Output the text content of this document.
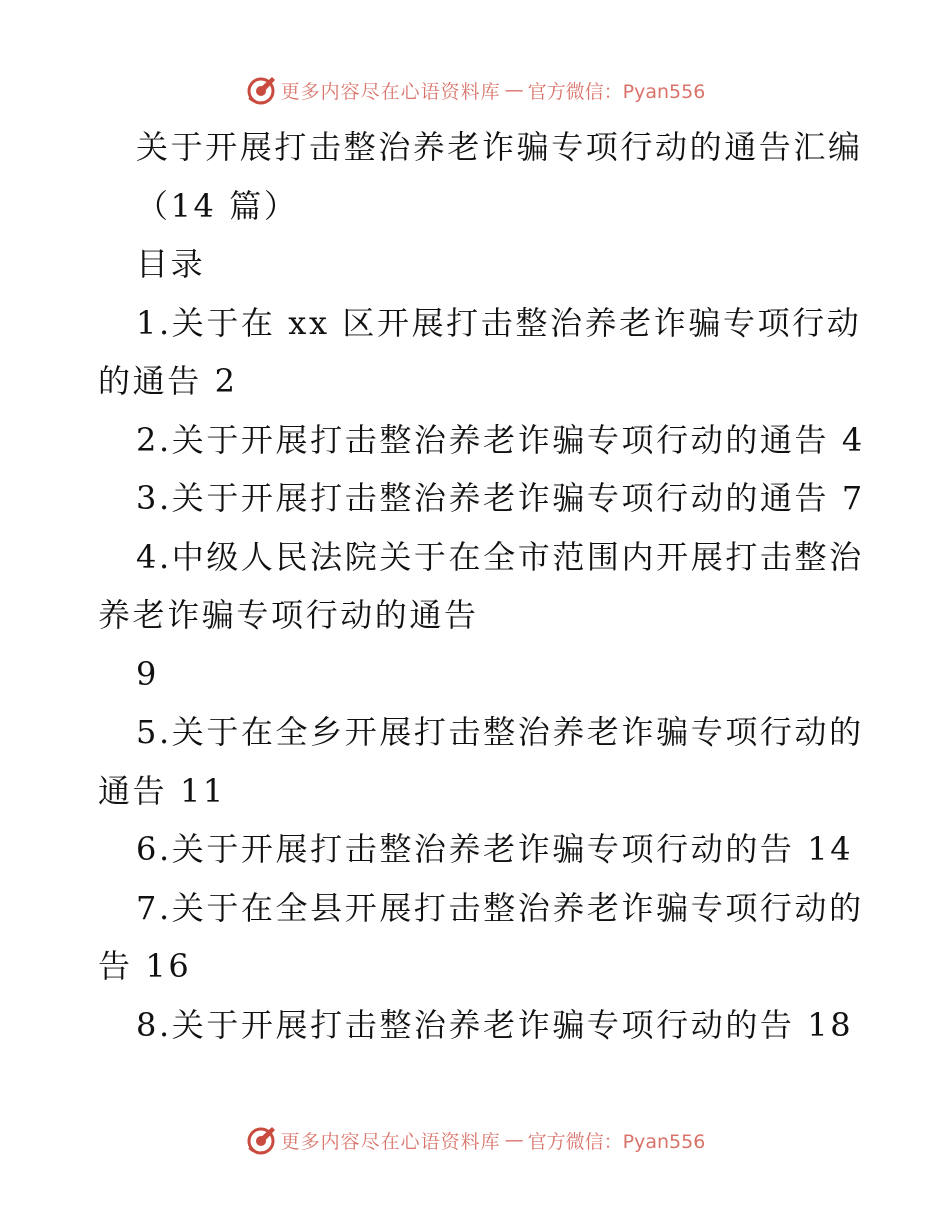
更多内容尽在心语资料库 — 官方微信：Pyan556
关于开展打击整治养老诈骗专项行动的通告汇编
（14 篇）
目录
1.关于在 xx 区开展打击整治养老诈骗专项行动
的通告 2
2.关于开展打击整治养老诈骗专项行动的通告 4
3.关于开展打击整治养老诈骗专项行动的通告 7
4.中级人民法院关于在全市范围内开展打击整治
养老诈骗专项行动的通告
9
5.关于在全乡开展打击整治养老诈骗专项行动的
通告 11
6.关于开展打击整治养老诈骗专项行动的告 14
7.关于在全县开展打击整治养老诈骗专项行动的
告 16
8.关于开展打击整治养老诈骗专项行动的告 18
更多内容尽在心语资料库 — 官方微信：Pyan556
